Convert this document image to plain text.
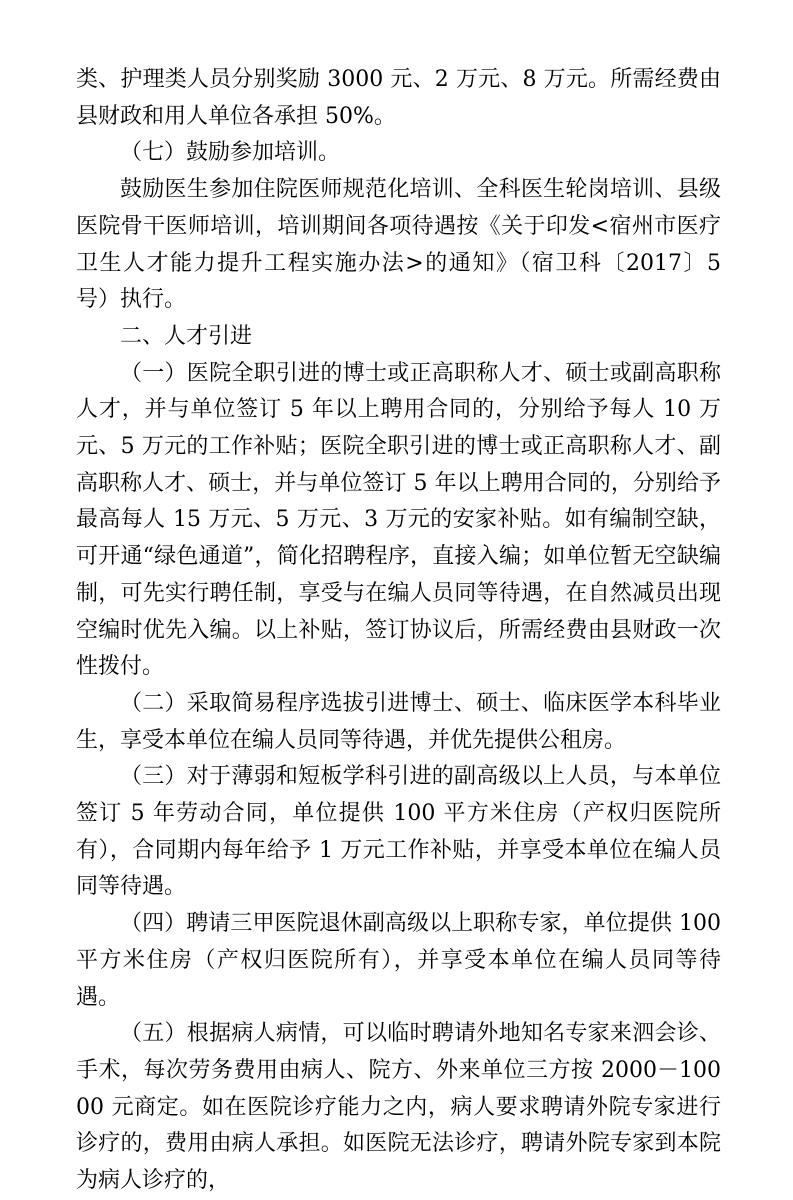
类、护理类人员分别奖励 3000 元、2 万元、8 万元。所需经费由县财政和用人单位各承担 50%。

（七）鼓励参加培训。

鼓励医生参加住院医师规范化培训、全科医生轮岗培训、县级医院骨干医师培训，培训期间各项待遇按《关于印发<宿州市医疗卫生人才能力提升工程实施办法>的通知》（宿卫科〔2017〕5 号）执行。

二、人才引进

（一）医院全职引进的博士或正高职称人才、硕士或副高职称人才，并与单位签订 5 年以上聘用合同的，分别给予每人 10 万元、5 万元的工作补贴；医院全职引进的博士或正高职称人才、副高职称人才、硕士，并与单位签订 5 年以上聘用合同的，分别给予最高每人 15 万元、5 万元、3 万元的安家补贴。如有编制空缺，可开通“绿色通道”，简化招聘程序，直接入编；如单位暂无空缺编制，可先实行聘任制，享受与在编人员同等待遇，在自然减员出现空编时优先入编。以上补贴，签订协议后，所需经费由县财政一次性拨付。

（二）采取简易程序选拔引进博士、硕士、临床医学本科毕业生，享受本单位在编人员同等待遇，并优先提供公租房。

（三）对于薄弱和短板学科引进的副高级以上人员，与本单位签订 5 年劳动合同，单位提供 100 平方米住房（产权归医院所有），合同期内每年给予 1 万元工作补贴，并享受本单位在编人员同等待遇。

（四）聘请三甲医院退休副高级以上职称专家，单位提供 100 平方米住房（产权归医院所有），并享受本单位在编人员同等待遇。

（五）根据病人病情，可以临时聘请外地知名专家来泗会诊、手术，每次劳务费用由病人、院方、外来单位三方按 2000－10000 元商定。如在医院诊疗能力之内，病人要求聘请外院专家进行诊疗的，费用由病人承担。如医院无法诊疗，聘请外院专家到本院为病人诊疗的，
